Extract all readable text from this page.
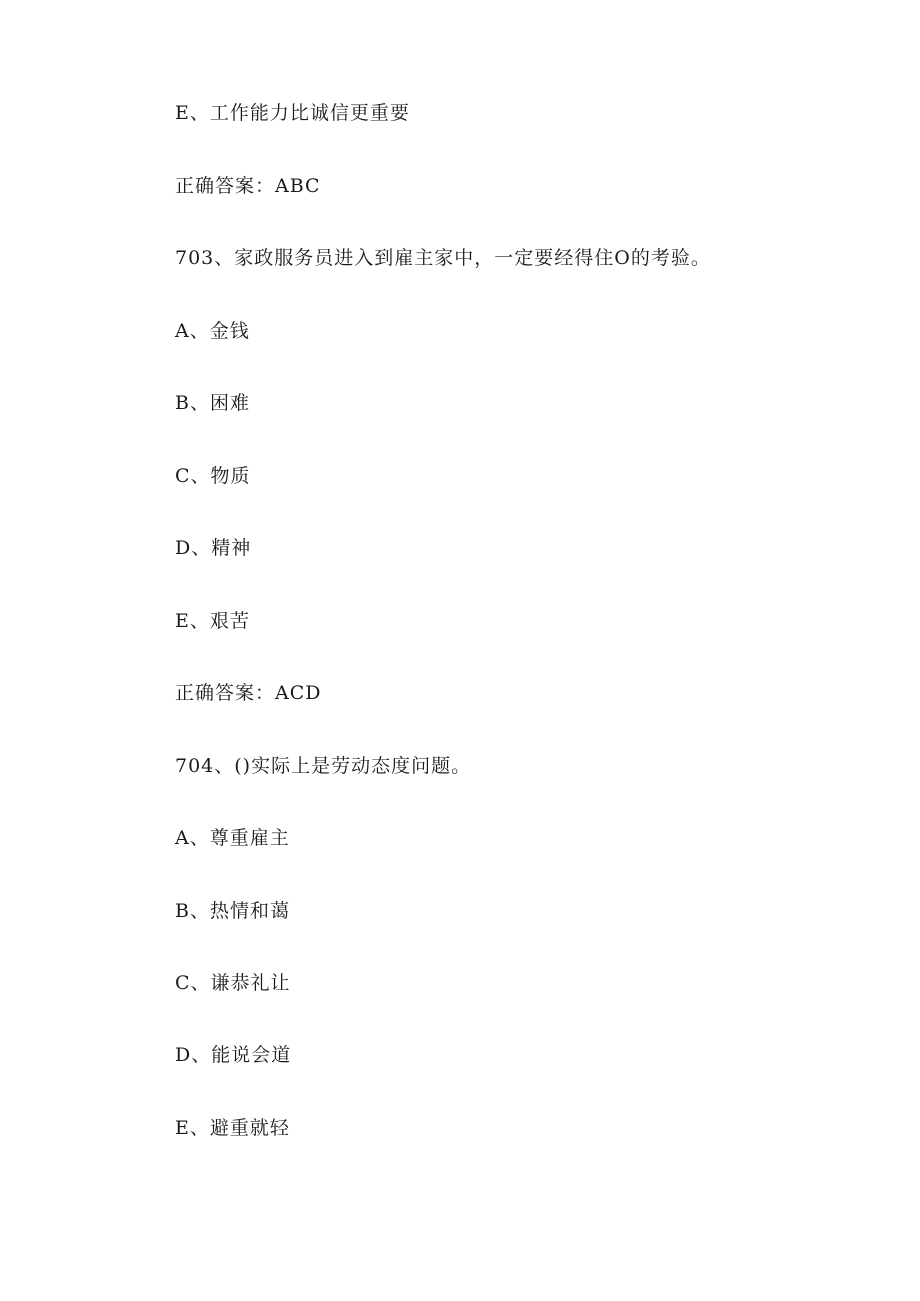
E、工作能力比诚信更重要
正确答案：ABC
703、家政服务员进入到雇主家中，一定要经得住O的考验。
A、金钱
B、困难
C、物质
D、精神
E、艰苦
正确答案：ACD
704、()实际上是劳动态度问题。
A、尊重雇主
B、热情和蔼
C、谦恭礼让
D、能说会道
E、避重就轻
